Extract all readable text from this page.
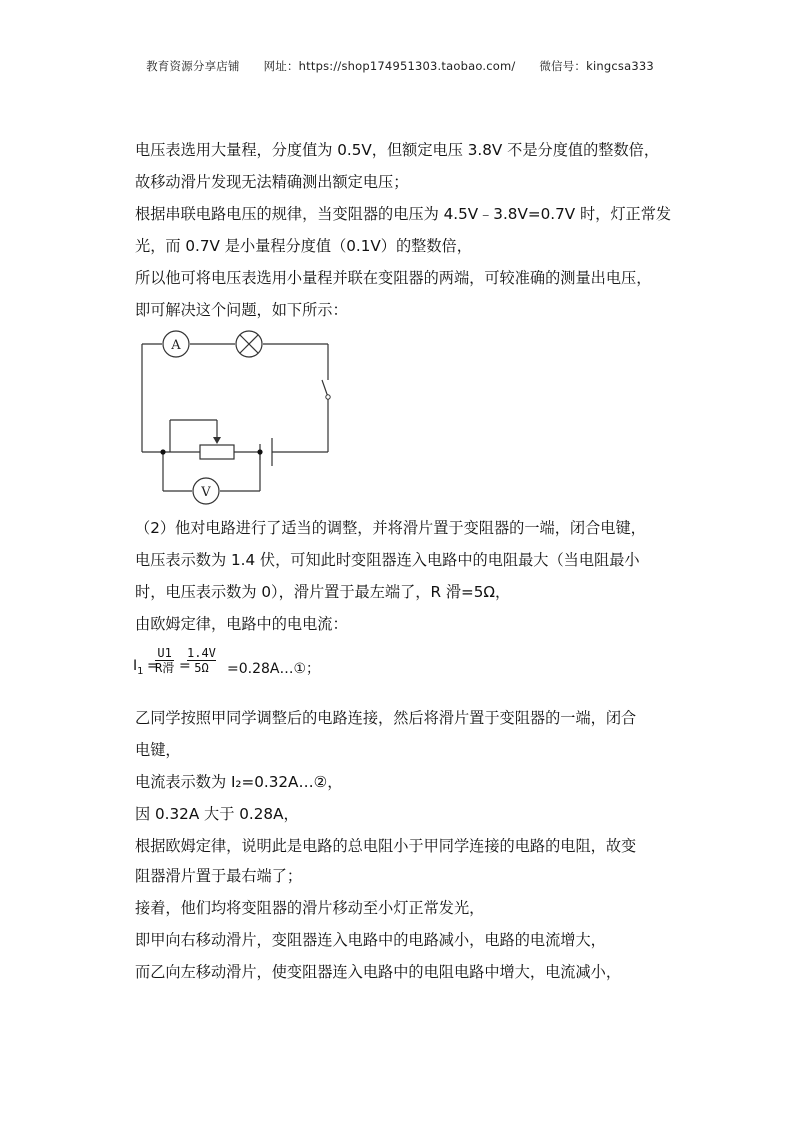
教育资源分享店铺 网址：https://shop174951303.taobao.com/ 微信号：kingcsa333
电压表选用大量程，分度值为 0.5V，但额定电压 3.8V 不是分度值的整数倍，
故移动滑片发现无法精确测出额定电压；
根据串联电路电压的规律，当变阻器的电压为 4.5V﹣3.8V=0.7V 时，灯正常发
光，而 0.7V 是小量程分度值（0.1V）的整数倍，
所以他可将电压表选用小量程并联在变阻器的两端，可较准确的测量出电压，
即可解决这个问题，如下所示：
A
V
（2）他对电路进行了适当的调整，并将滑片置于变阻器的一端，闭合电键，
电压表示数为 1.4 伏，可知此时变阻器连入电路中的电阻最大（当电阻最小
时，电压表示数为 0），滑片置于最左端了，R 滑=5Ω，
由欧姆定律，电路中的电电流：
$I_1$ =
U1
R滑 =
$\frac{1.4V}{5\Omega}$ =0.28A…①；
乙同学按照甲同学调整后的电路连接，然后将滑片置于变阻器的一端，闭合
电键，
电流表示数为 I₂=0.32A…②，
因 0.32A 大于 0.28A，
根据欧姆定律，说明此是电路的总电阻小于甲同学连接的电路的电阻，故变
阻器滑片置于最右端了；
接着，他们均将变阻器的滑片移动至小灯正常发光，
即甲向右移动滑片，变阻器连入电路中的电路减小，电路的电流增大，
而乙向左移动滑片，使变阻器连入电路中的电阻电路中增大，电流减小，
